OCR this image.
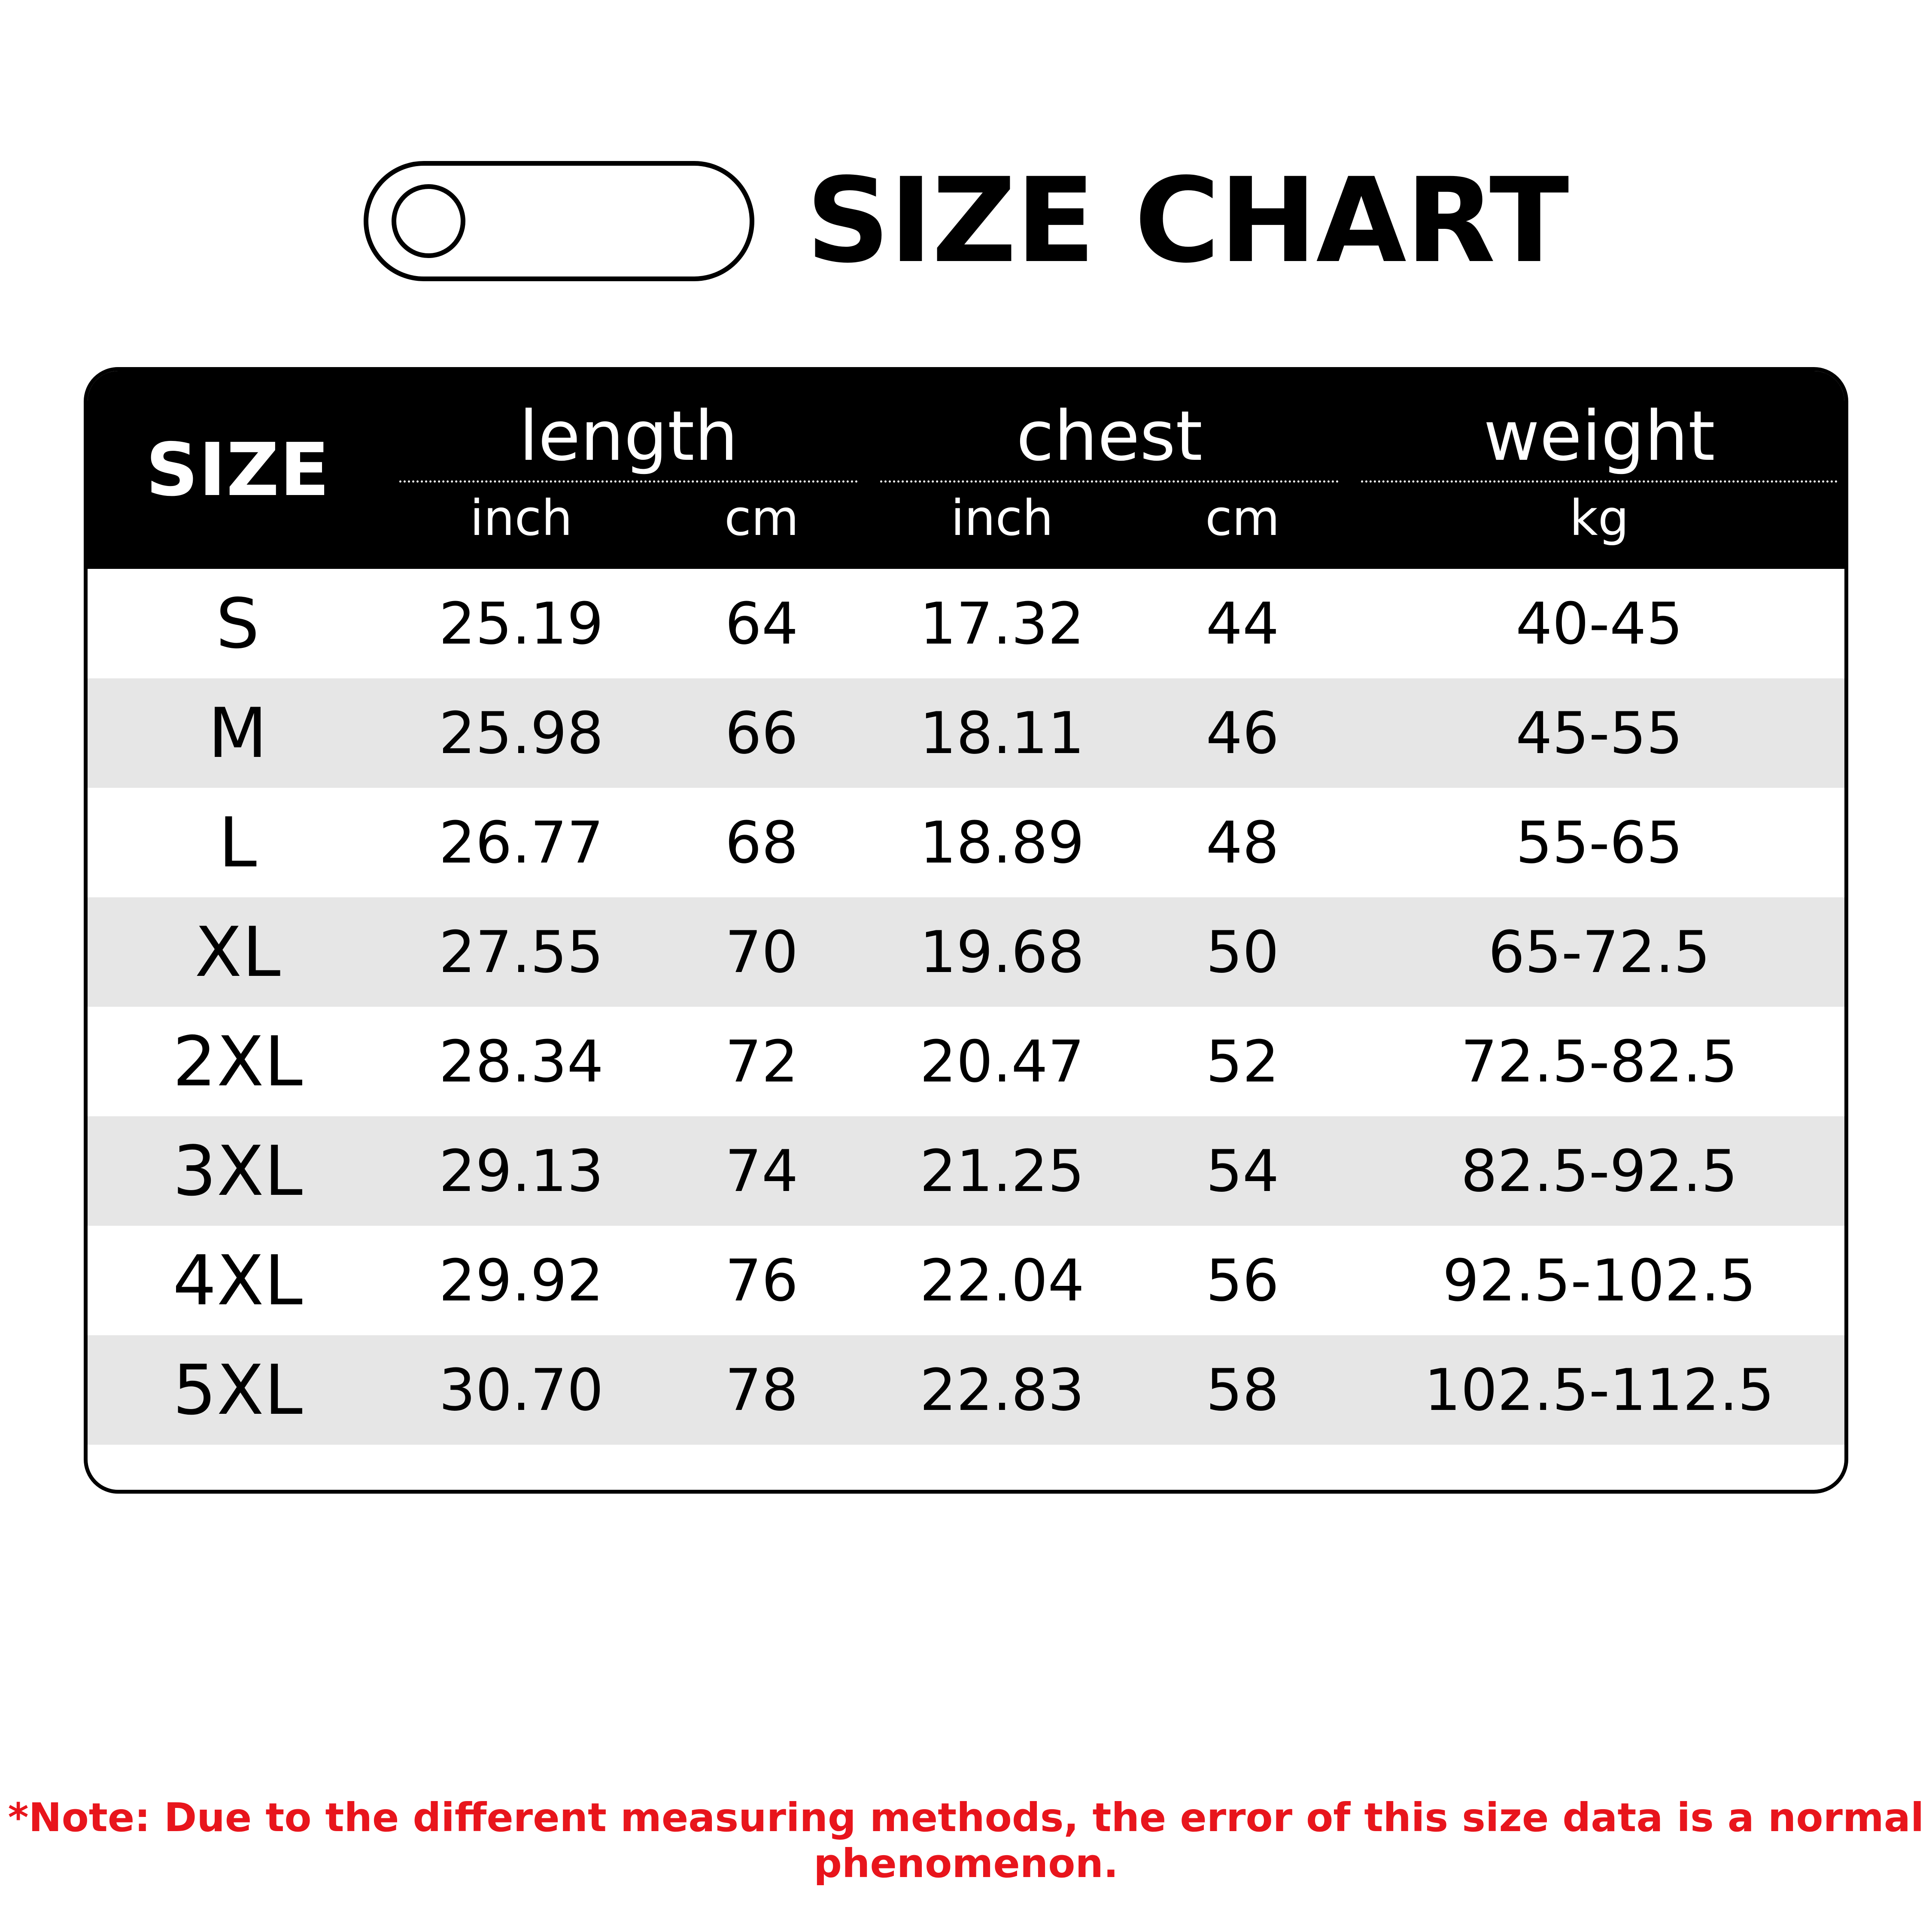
SIZE CHART
SIZE	length		chest		weight

	inch	cm	inch	cm	kg

S	25.19	64	17.32	44	40-45
M	25.98	66	18.11	46	45-55
L	26.77	68	18.89	48	55-65
XL	27.55	70	19.68	50	65-72.5
2XL	28.34	72	20.47	52	72.5-82.5
3XL	29.13	74	21.25	54	82.5-92.5
4XL	29.92	76	22.04	56	92.5-102.5
5XL	30.70	78	22.83	58	102.5-112.5
*Note: Due to the different measuring methods, the error of this size data is a normal phenomenon.
